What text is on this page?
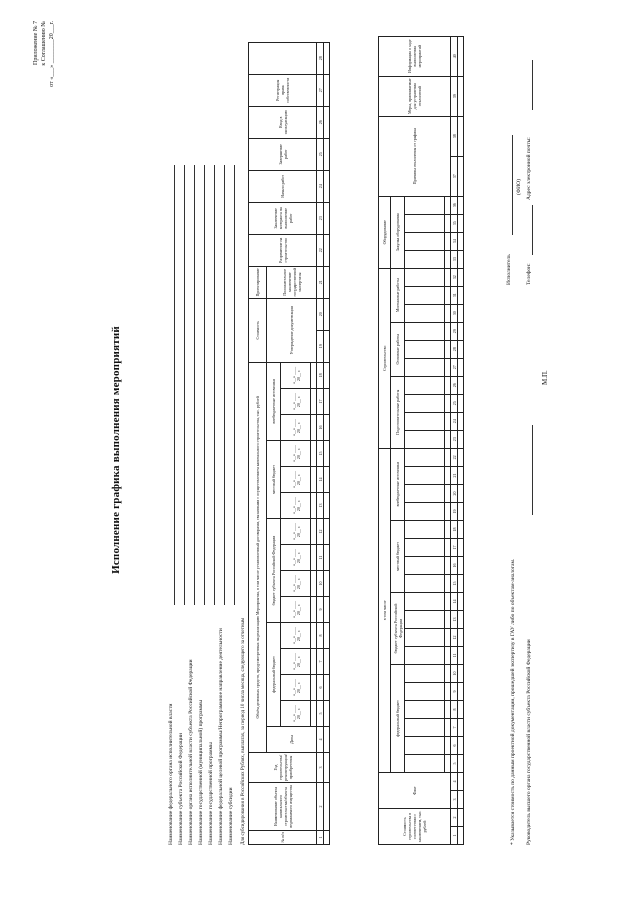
Приложение № 7 к Соглашению № от «___» ________20___г.
Исполнение графика выполнения мероприятий
Наименование федерального органа исполнительной власти Наименование субъекта Российской Федерации Наименование органа исполнительной власти субъекта Российской Федерации Наименование государственной (муниципальной) программы Наименование государственной программы Наименование федеральной целевой программы/Непрограммное направление деятельности Наименование субсидии Для субсидирования в Российских Рублях, выплатах, за период 10 числа месяца, следующего за отчетным	№ п/п	Наименование объекта капитального строительства/объекта недвижимого имущества	Год строительства/реконструкции/приобретения	Объём денежных средств, предусмотренных на реализацию Мероприятия, в том числе установленный договорами, связанными с осуществлением капитального строительства, тыс. рублей															Стоимость		Проектирование	Разрешение на строительство	Заключение контракта на выполнение работ	Начало работ	Завершение работ	Ввод в эксплуатацию	Регистрация права собственности	
			Даты	федеральный бюджет				бюджет субъекта Российской Федерации				местный бюджет			внебюджетные источники			Утверждение документации		Положительное заключение государственной экспертизы							
				«__» ____ 20__ г.	«__» ____ 20__ г.	«__» ____ 20__ г.	«__» ____ 20__ г.	«__» ____ 20__ г.	«__» ____ 20__ г.	«__» ____ 20__ г.	«__» ____ 20__ г.	«__» ____ 20__ г.	«__» ____ 20__ г.	«__» ____ 20__ г.	«__» ____ 20__ г.	«__» ____ 20__ г.	«__» ____ 20__ г.										

1	2	3	4	5	6	7	8	9	10	11	12	13	14	15	16	17	18	19	20	21	22	23	24	25	26	27	28

Стоимость строительства в соответствии с заключением, тыс. рублей		Факт		в том числе																		Строительство										Оборудование				Причины отклонения от графика		Меры, принимаемые для устранения отклонений	Информация о ходе выполнения мероприятий
				федеральный бюджет						бюджет субъекта Российской Федерации				местный бюджет				внебюджетные источники				Подготовительные работы				Основные работы			Монтажные работы			Закупка оборудования							

1	2	3	4	5	6	7	8	9	10	11	12	13	14	15	16	17	18	19	20	21	22	23	24	25	26	27	28	29	30	31	32	33	34	35	36	37	38	39	40

* Указывается стоимость по данным проектной документации, прошедшей экспертизу в ГАУ либо по объектам-аналогам. Руководитель высшего органа государственной власти субъекта Российской Федерации
М.П.
Исполнитель
(ФИО)
Телефон:
Адрес электронной почты:
